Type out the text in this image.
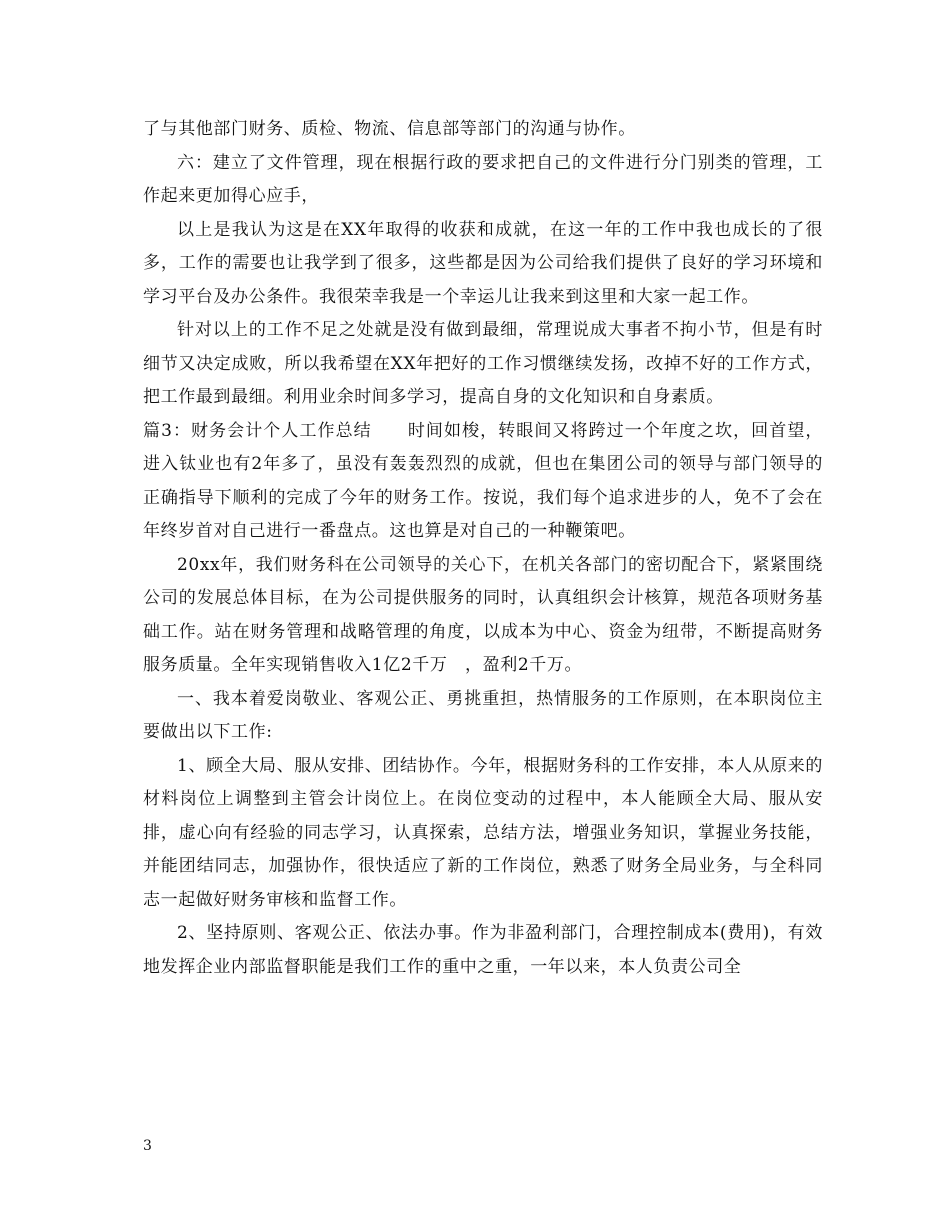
了与其他部门财务、质检、物流、信息部等部门的沟通与协作。

六：建立了文件管理，现在根据行政的要求把自己的文件进行分门别类的管理，工作起来更加得心应手，

以上是我认为这是在XX年取得的收获和成就，在这一年的工作中我也成长的了很多，工作的需要也让我学到了很多，这些都是因为公司给我们提供了良好的学习环境和学习平台及办公条件。我很荣幸我是一个幸运儿让我来到这里和大家一起工作。

针对以上的工作不足之处就是没有做到最细，常理说成大事者不拘小节，但是有时细节又决定成败，所以我希望在XX年把好的工作习惯继续发扬，改掉不好的工作方式，把工作最到最细。利用业余时间多学习，提高自身的文化知识和自身素质。

篇3：财务会计个人工作总结　　时间如梭，转眼间又将跨过一个年度之坎，回首望，进入钛业也有2年多了，虽没有轰轰烈烈的成就，但也在集团公司的领导与部门领导的正确指导下顺利的完成了今年的财务工作。按说，我们每个追求进步的人，免不了会在年终岁首对自己进行一番盘点。这也算是对自己的一种鞭策吧。

20xx年，我们财务科在公司领导的关心下，在机关各部门的密切配合下，紧紧围绕公司的发展总体目标，在为公司提供服务的同时，认真组织会计核算，规范各项财务基础工作。站在财务管理和战略管理的角度，以成本为中心、资金为纽带，不断提高财务服务质量。全年实现销售收入1亿2千万　，盈利2千万。

一、我本着爱岗敬业、客观公正、勇挑重担，热情服务的工作原则，在本职岗位主要做出以下工作:

1、顾全大局、服从安排、团结协作。今年，根据财务科的工作安排，本人从原来的材料岗位上调整到主管会计岗位上。在岗位变动的过程中，本人能顾全大局、服从安排，虚心向有经验的同志学习，认真探索，总结方法，增强业务知识，掌握业务技能，并能团结同志，加强协作，很快适应了新的工作岗位，熟悉了财务全局业务，与全科同志一起做好财务审核和监督工作。

2、坚持原则、客观公正、依法办事。作为非盈利部门，合理控制成本(费用)，有效地发挥企业内部监督职能是我们工作的重中之重，一年以来，本人负责公司全

3
